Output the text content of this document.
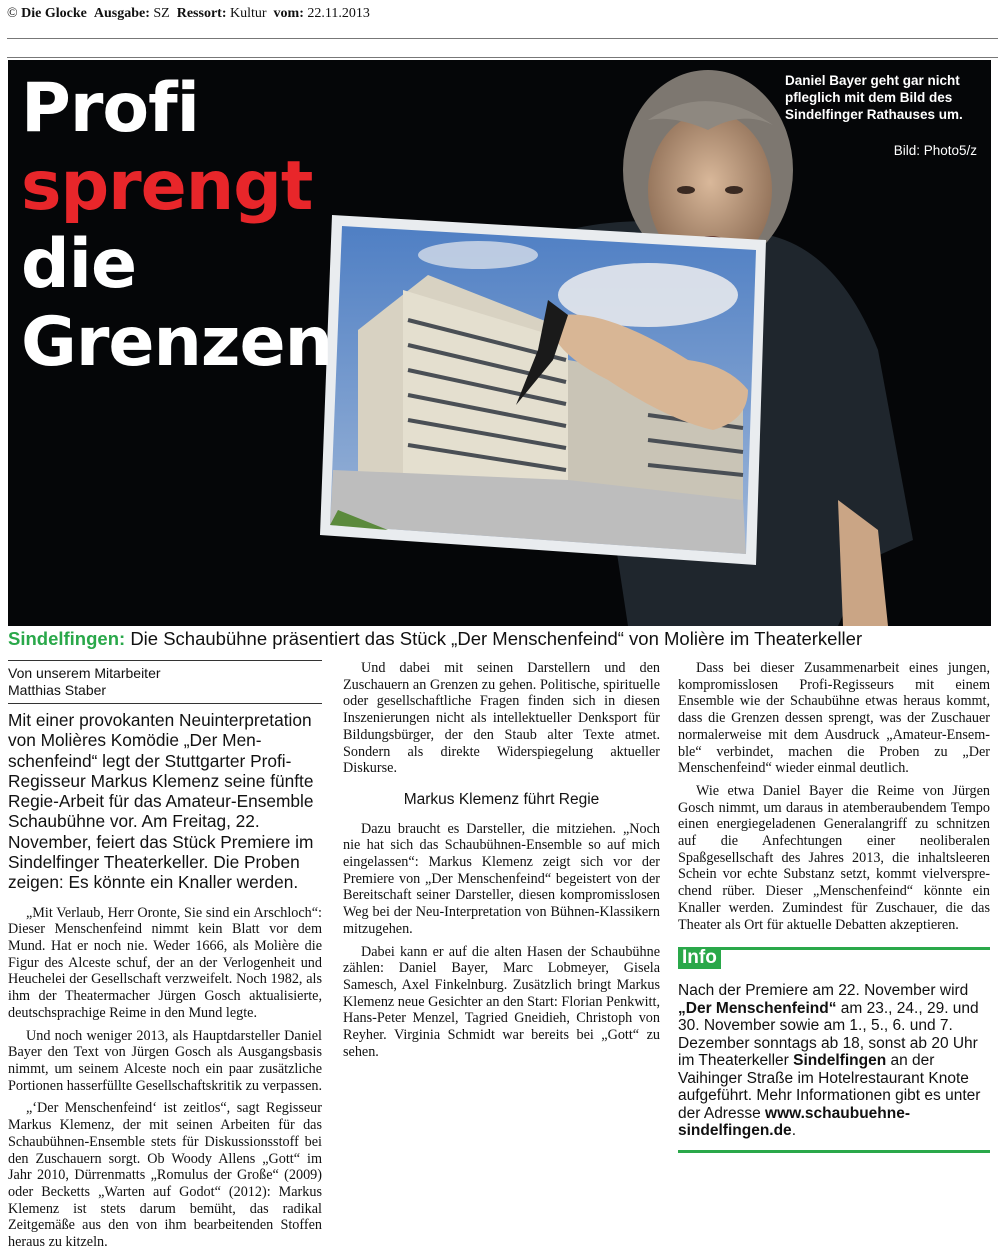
© Die Glocke Ausgabe: SZ Ressort: Kultur vom: 22.11.2013
Profi
sprengt
die
Grenzen
Daniel Bayer geht gar nicht pfleglich mit dem Bild des Sindelfinger Rathauses um.
Bild: Photo5/z
Sindelfingen: Die Schaubühne präsentiert das Stück „Der Menschenfeind“ von Molière im Theaterkeller
Von unserem Mitarbeiter
Matthias Staber
Mit einer provokanten Neuinterpretation von Molières Komödie „Der Menschenfeind“ legt der Stuttgarter Profi-Regisseur Markus Klemenz seine fünfte Regie-Arbeit für das Amateur-Ensemble Schaubühne vor. Am Freitag, 22. November, feiert das Stück Premiere im Sindelfinger Theaterkeller. Die Proben zeigen: Es könnte ein Knaller werden.

„Mit Verlaub, Herr Oronte, Sie sind ein Arschloch“: Dieser Menschenfeind nimmt kein Blatt vor dem Mund. Hat er noch nie. Weder 1666, als Molière die Figur des Alceste schuf, der an der Verlogenheit und Heuchelei der Gesellschaft verzweifelt. Noch 1982, als ihm der Theatermacher Jürgen Gosch aktualisierte, deutschsprachige Reime in den Mund legte.

Und noch weniger 2013, als Hauptdarsteller Daniel Bayer den Text von Jürgen Gosch als Ausgangsbasis nimmt, um seinem Alceste noch ein paar zusätzliche Portionen hasserfüllte Gesellschaftskritik zu verpassen.

„‘Der Menschenfeind‘ ist zeitlos“, sagt Regisseur Markus Klemenz, der mit seinen Arbeiten für das Schaubühnen-Ensemble stets für Diskussionsstoff bei den Zuschauern sorgt. Ob Woody Allens „Gott“ im Jahr 2010, Dürrenmatts „Romulus der Große“ (2009) oder Becketts „Warten auf Godot“ (2012): Markus Klemenz ist stets darum bemüht, das radikal Zeitgemäße aus den von ihm bearbeitenden Stoffen heraus zu kitzeln.

Und dabei mit seinen Darstellern und den Zuschauern an Grenzen zu gehen. Politische, spirituelle oder gesellschaftliche Fragen finden sich in diesen Inszenierungen nicht als intellektueller Denksport für Bildungsbürger, der den Staub alter Texte atmet. Sondern als direkte Widerspiegelung aktueller Diskurse.

Markus Klemenz führt Regie

Dazu braucht es Darsteller, die mitziehen. „Noch nie hat sich das Schaubühnen-Ensemble so auf mich eingelassen“: Markus Klemenz zeigt sich vor der Premiere von „Der Menschenfeind“ begeistert von der Bereitschaft seiner Darsteller, diesen kompromisslosen Weg bei der Neu-Interpretation von Bühnen-Klassikern mitzugehen.

Dabei kann er auf die alten Hasen der Schaubühne zählen: Daniel Bayer, Marc Lobmeyer, Gisela Samesch, Axel Finkelnburg. Zusätzlich bringt Markus Klemenz neue Gesichter an den Start: Florian Penkwitt, Hans-Peter Menzel, Tagried Gneidieh, Christoph von Reyher. Virginia Schmidt war bereits bei „Gott“ zu sehen.

Dass bei dieser Zusammenarbeit eines jungen, kompromisslosen Profi-Regisseurs mit einem Ensemble wie der Schaubühne etwas heraus kommt, dass die Grenzen dessen sprengt, was der Zuschauer normalerweise mit dem Ausdruck „Amateur-Ensemble“ verbindet, machen die Proben zu „Der Menschenfeind“ wieder einmal deutlich.

Wie etwa Daniel Bayer die Reime von Jürgen Gosch nimmt, um daraus in atemberaubendem Tempo einen energiegeladenen Generalangriff zu schnitzen auf die Anfechtungen einer neoliberalen Spaßgesellschaft des Jahres 2013, die inhaltsleeren Schein vor echte Substanz setzt, kommt vielversprechend rüber. Dieser „Menschenfeind“ könnte ein Knaller werden. Zumindest für Zuschauer, die das Theater als Ort für aktuelle Debatten akzeptieren.

Info
Nach der Premiere am 22. November wird „Der Menschenfeind“ am 23., 24., 29. und 30. November sowie am 1., 5., 6. und 7. Dezember sonntags ab 18, sonst ab 20 Uhr im Theaterkeller Sindelfingen an der Vaihinger Straße im Hotelrestaurant Knote aufgeführt. Mehr Informationen gibt es unter der Adresse www.schaubuehne-sindelfingen.de.
